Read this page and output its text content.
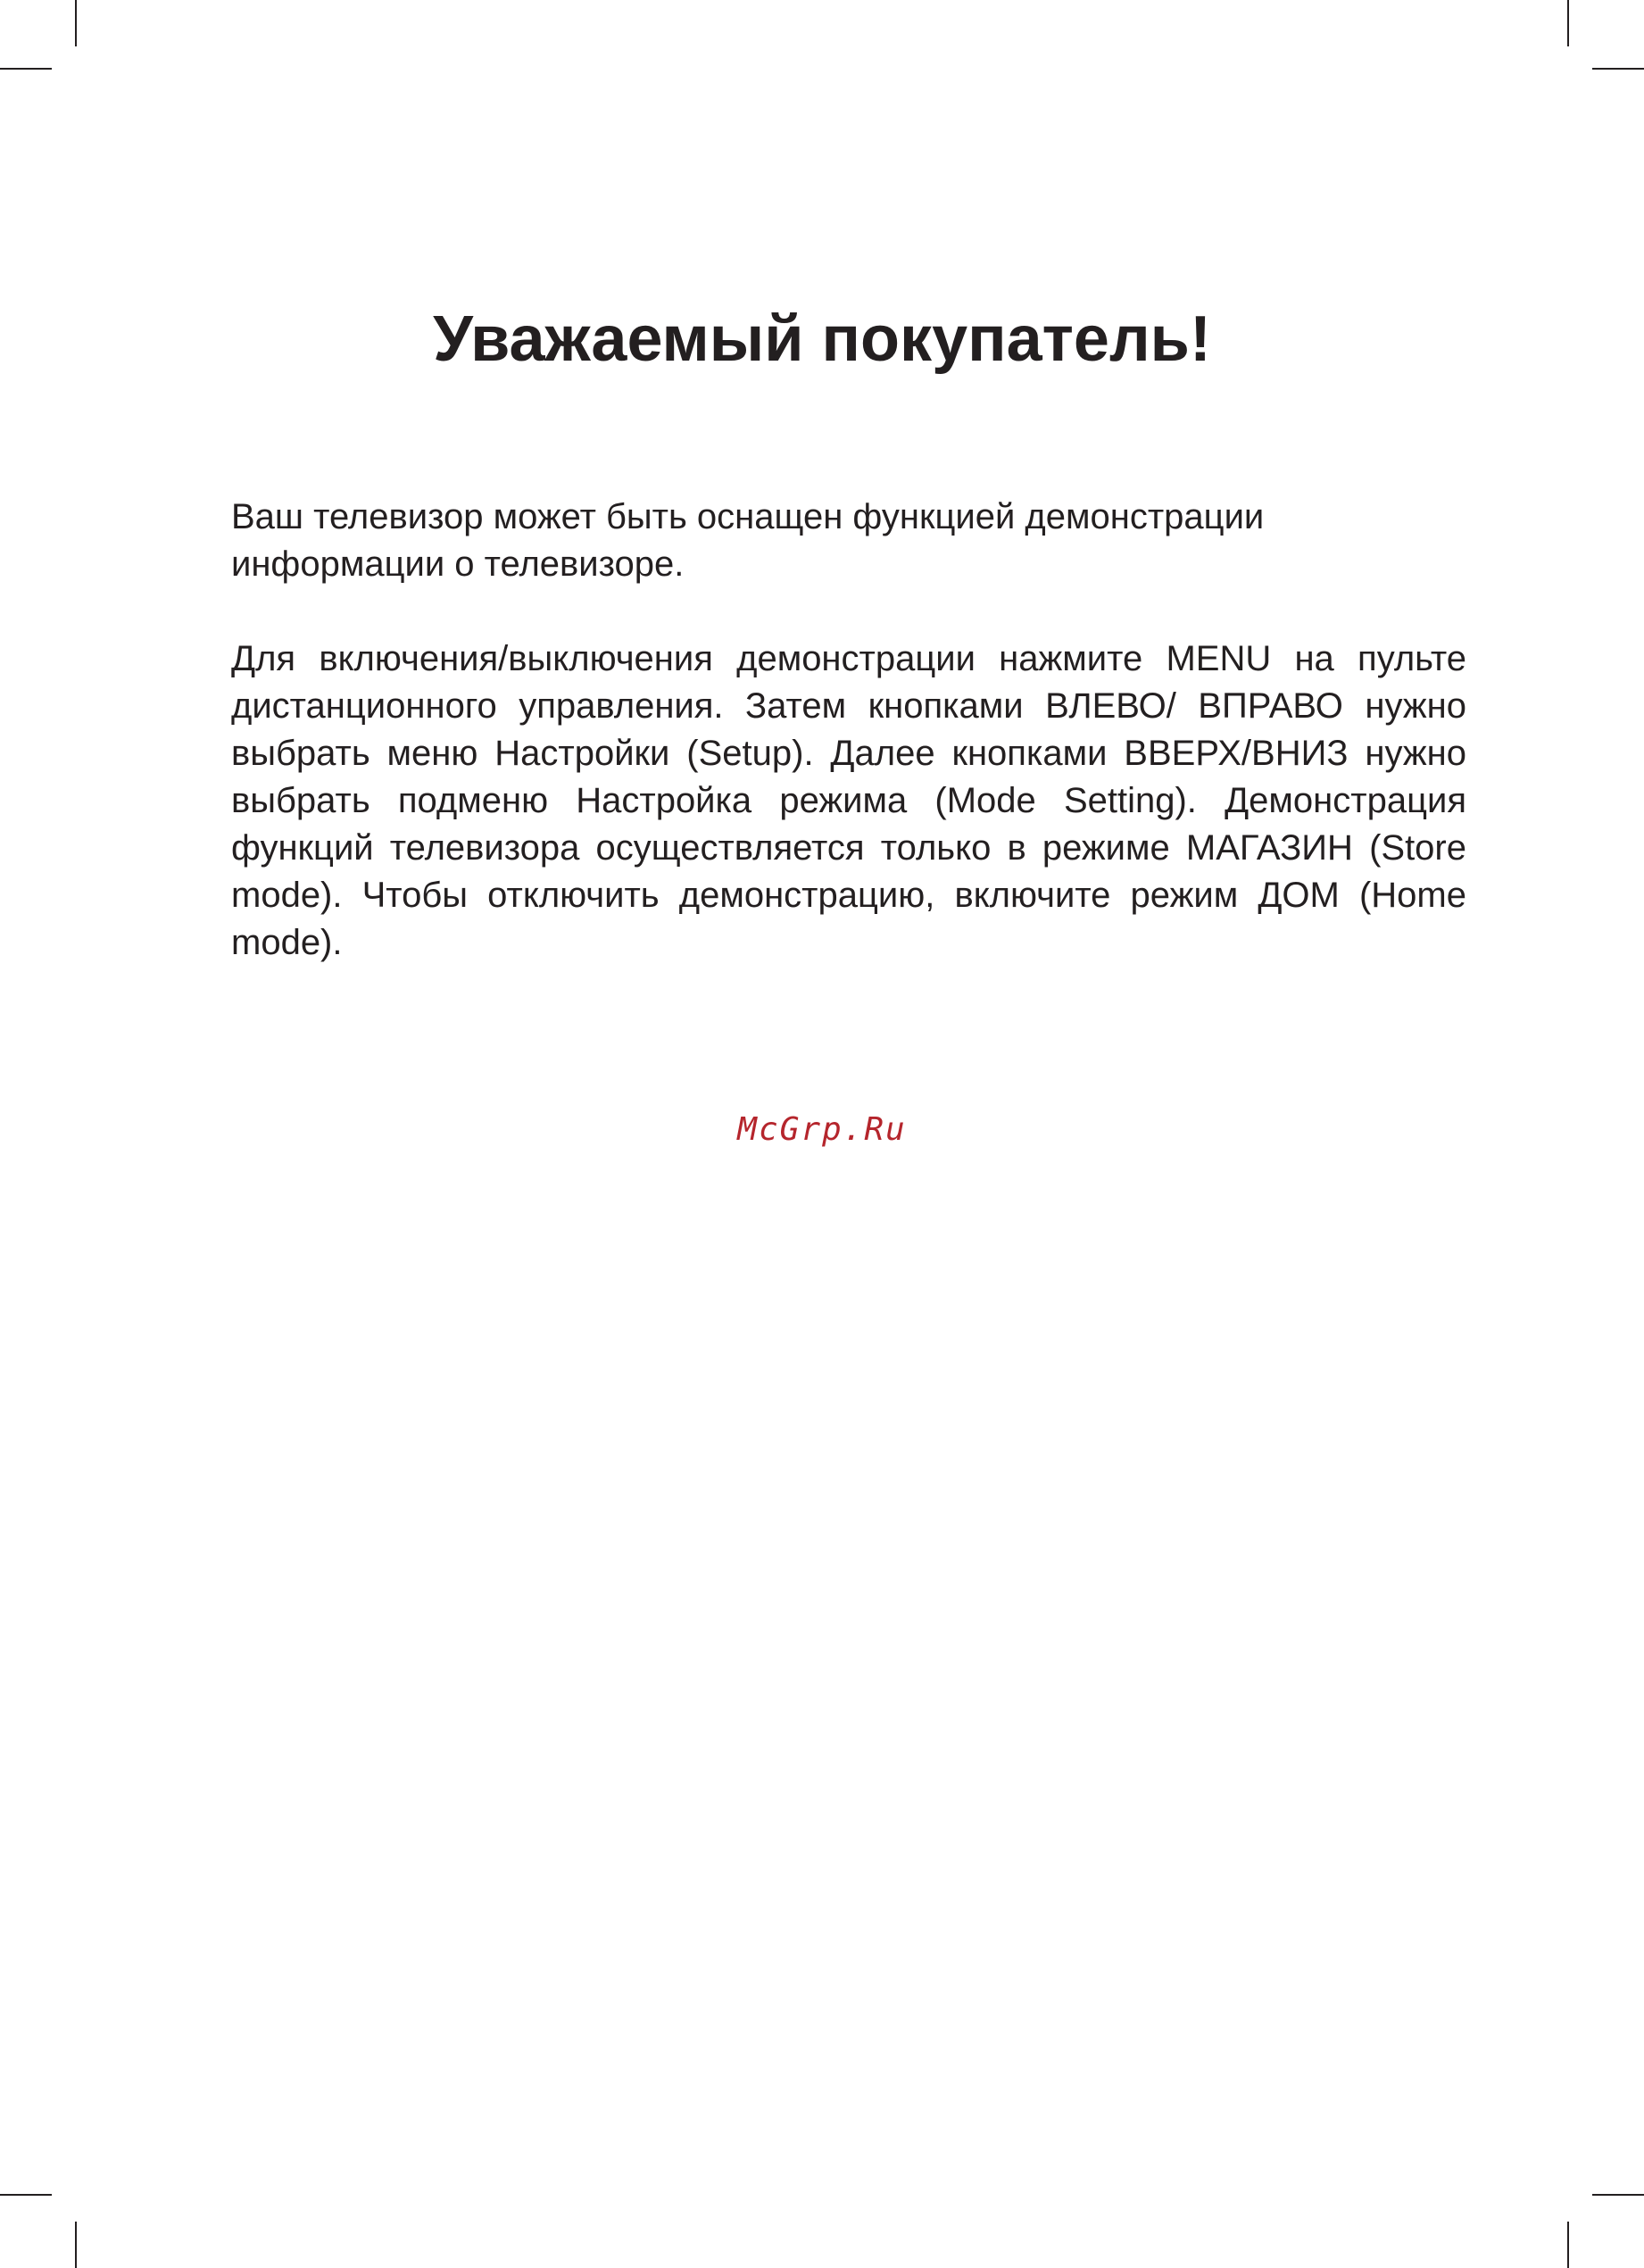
Уважаемый покупатель!

Ваш телевизор может быть оснащен функцией демонстрации информации о телевизоре.

Для включения/выключения демонстрации нажмите MENU на пульте дистанционного управления. Затем кнопками ВЛЕВО/ ВПРАВО нужно выбрать меню Настройки (Setup). Далее кнопками ВВЕРХ/ВНИЗ нужно выбрать подменю Настройка режима (Mode Setting). Демонстрация функций телевизора осуществляется только в режиме МАГАЗИН (Store mode). Чтобы отключить демонстрацию, включите режим ДОМ (Home mode).

McGrp.Ru
